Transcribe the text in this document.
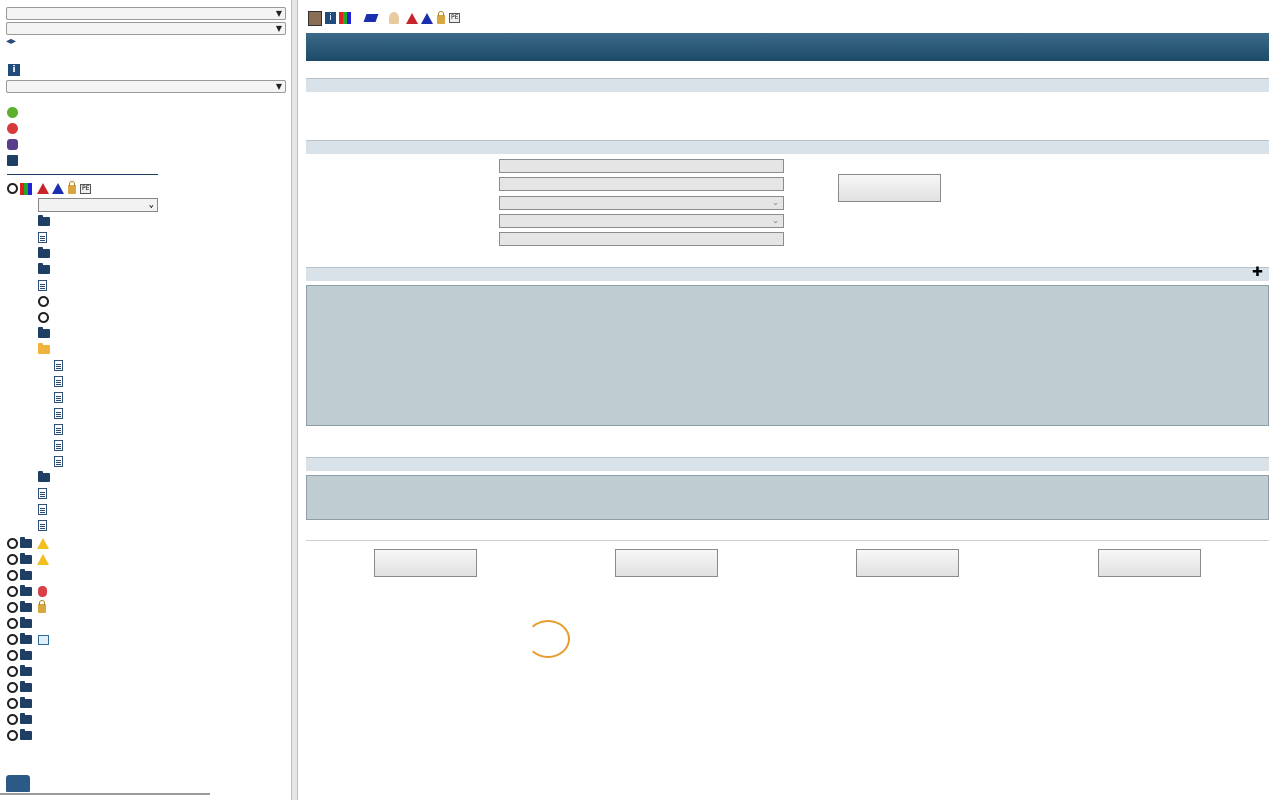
▼
▼
◂▸
i
▼
PE
⌄
i	PE
⌄
⌄
✚
